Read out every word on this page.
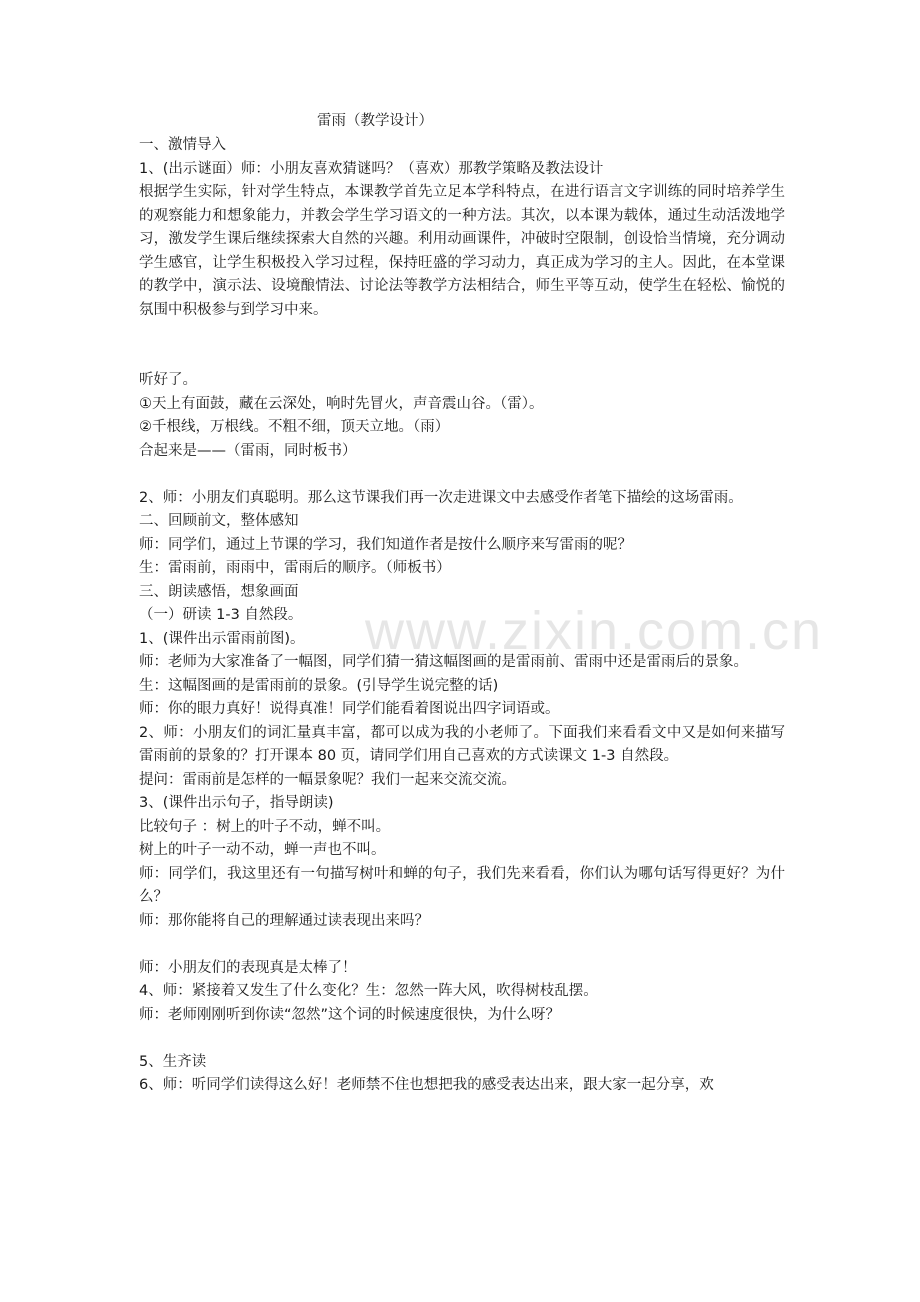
雷雨（教学设计）
一、激情导入
1、(出示谜面）师：小朋友喜欢猜谜吗？（喜欢）那教学策略及教法设计
根据学生实际，针对学生特点，本课教学首先立足本学科特点，在进行语言文字训练的同时培养学生的观察能力和想象能力，并教会学生学习语文的一种方法。其次，以本课为载体，通过生动活泼地学习，激发学生课后继续探索大自然的兴趣。利用动画课件，冲破时空限制，创设恰当情境，充分调动学生感官，让学生积极投入学习过程，保持旺盛的学习动力，真正成为学习的主人。因此，在本堂课的教学中，演示法、设境酿情法、讨论法等教学方法相结合，师生平等互动，使学生在轻松、愉悦的氛围中积极参与到学习中来。
听好了。
①天上有面鼓，藏在云深处，响时先冒火，声音震山谷。（雷）。
②千根线，万根线。不粗不细，顶天立地。（雨）
合起来是——（雷雨，同时板书）
2、师：小朋友们真聪明。那么这节课我们再一次走进课文中去感受作者笔下描绘的这场雷雨。
二、回顾前文，整体感知
师：同学们，通过上节课的学习，我们知道作者是按什么顺序来写雷雨的呢？
生：雷雨前，雨雨中，雷雨后的顺序。（师板书）
三、朗读感悟，想象画面
（一）研读 1-3 自然段。
1、(课件出示雷雨前图)。
师：老师为大家准备了一幅图，同学们猜一猜这幅图画的是雷雨前、雷雨中还是雷雨后的景象。
生：这幅图画的是雷雨前的景象。(引导学生说完整的话)
师：你的眼力真好！说得真准！同学们能看着图说出四字词语或。
2、师：小朋友们的词汇量真丰富，都可以成为我的小老师了。下面我们来看看文中又是如何来描写雷雨前的景象的？打开课本 80 页，请同学们用自己喜欢的方式读课文 1-3 自然段。
提问：雷雨前是怎样的一幅景象呢？我们一起来交流交流。
3、(课件出示句子，指导朗读)
比较句子 ：树上的叶子不动，蝉不叫。
树上的叶子一动不动，蝉一声也不叫。
师：同学们，我这里还有一句描写树叶和蝉的句子，我们先来看看，你们认为哪句话写得更好？为什么？
师：那你能将自己的理解通过读表现出来吗？
师：小朋友们的表现真是太棒了！
4、师：紧接着又发生了什么变化？生：忽然一阵大风，吹得树枝乱摆。
师：老师刚刚听到你读“忽然”这个词的时候速度很快，为什么呀？
5、生齐读
6、师：听同学们读得这么好！老师禁不住也想把我的感受表达出来，跟大家一起分享，欢
www.zixin.com.cn
